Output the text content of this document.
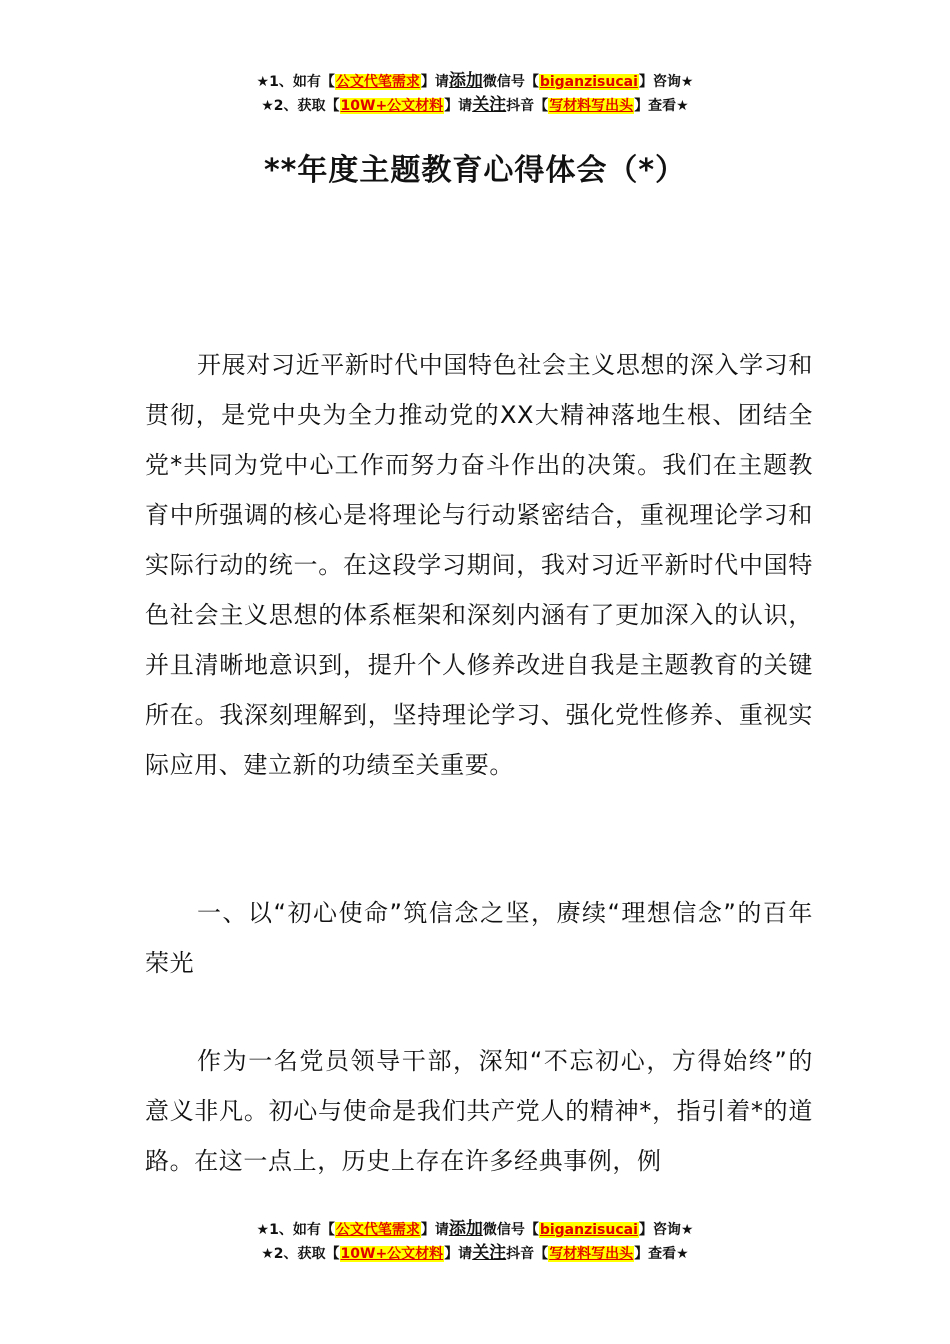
★1、如有【公文代笔需求】请添加微信号【biganzisucai】咨询★
★2、获取【10W+公文材料】请关注抖音【写材料写出头】查看★
**年度主题教育心得体会（*）

开展对习近平新时代中国特色社会主义思想的深入学习和贯彻，是党中央为全力推动党的XX大精神落地生根、团结全党*共同为党中心工作而努力奋斗作出的决策。我们在主题教育中所强调的核心是将理论与行动紧密结合，重视理论学习和实际行动的统一。在这段学习期间，我对习近平新时代中国特色社会主义思想的体系框架和深刻内涵有了更加深入的认识，并且清晰地意识到，提升个人修养改进自我是主题教育的关键所在。我深刻理解到，坚持理论学习、强化党性修养、重视实际应用、建立新的功绩至关重要。

一、以“初心使命”筑信念之坚，赓续“理想信念”的百年荣光

作为一名党员领导干部，深知“不忘初心，方得始终”的意义非凡。初心与使命是我们共产党人的精神*，指引着*的道路。在这一点上，历史上存在许多经典事例，例

★1、如有【公文代笔需求】请添加微信号【biganzisucai】咨询★
★2、获取【10W+公文材料】请关注抖音【写材料写出头】查看★
